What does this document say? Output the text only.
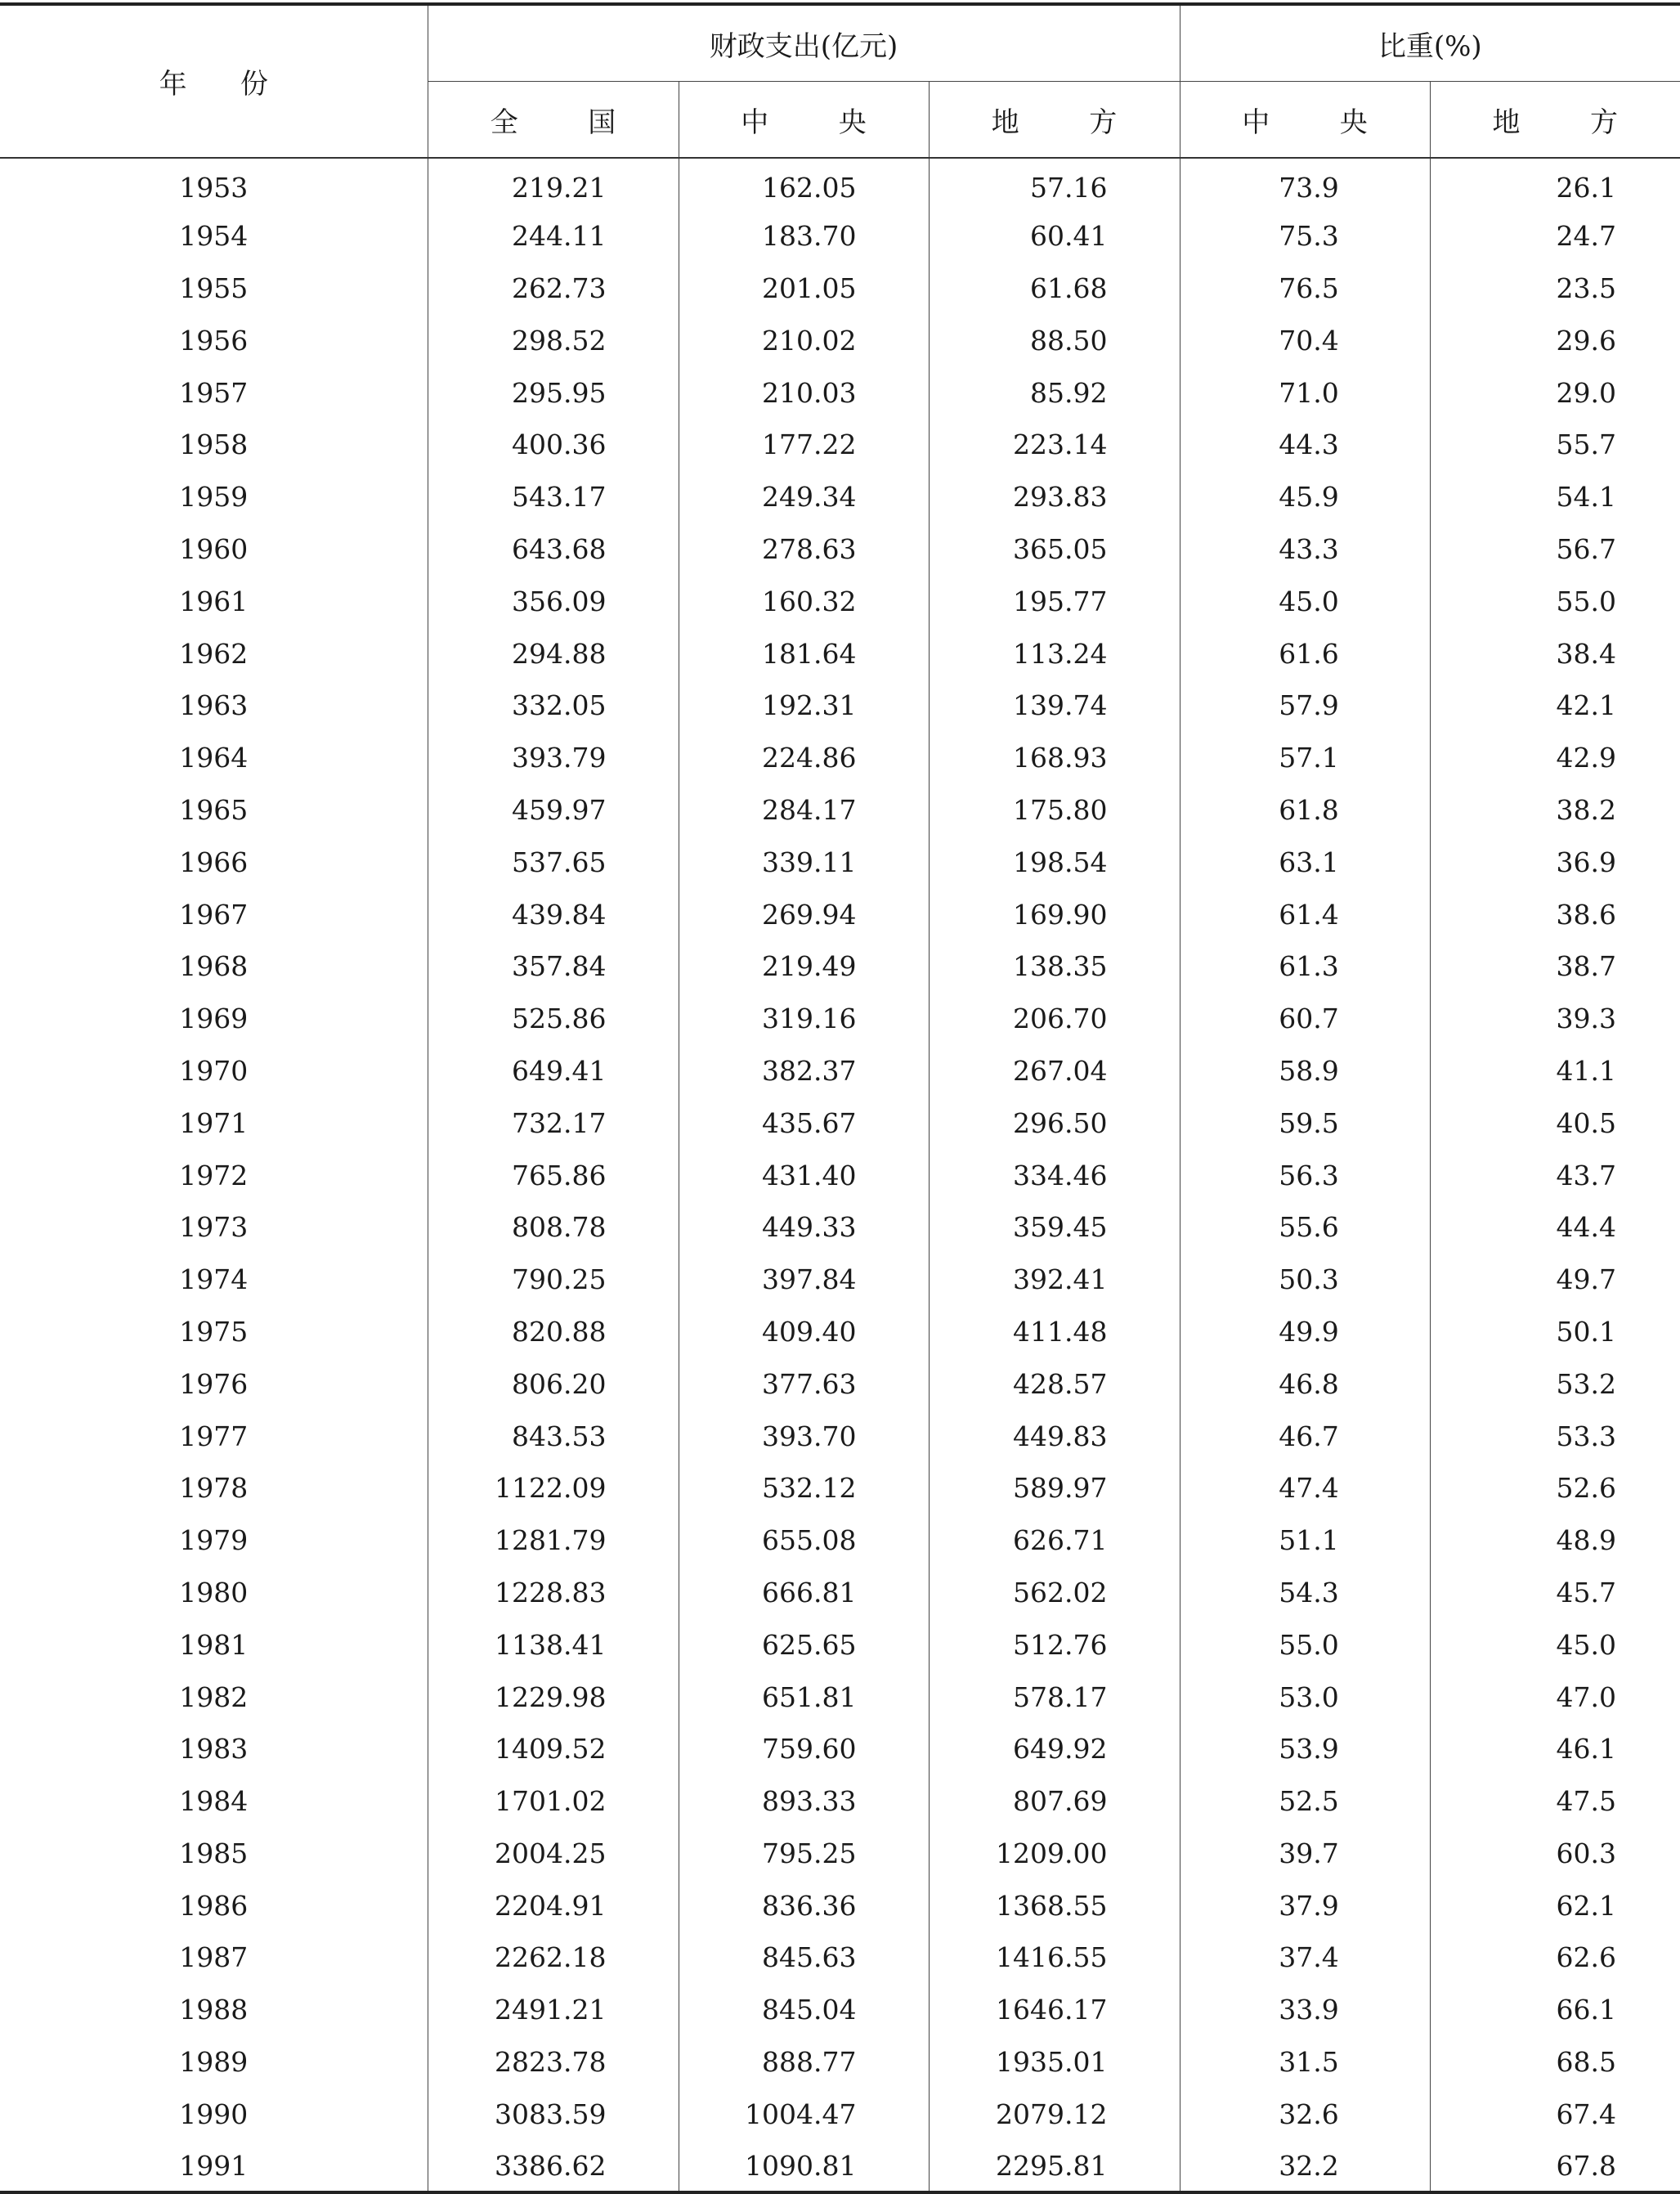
年 份	财政支出(亿元)			比重(%)	
	全 国	中 央	地 方	中 央	地 方
1953	219.21	162.05	57.16	73.9	26.1
1954	244.11	183.70	60.41	75.3	24.7
1955	262.73	201.05	61.68	76.5	23.5
1956	298.52	210.02	88.50	70.4	29.6
1957	295.95	210.03	85.92	71.0	29.0
1958	400.36	177.22	223.14	44.3	55.7
1959	543.17	249.34	293.83	45.9	54.1
1960	643.68	278.63	365.05	43.3	56.7
1961	356.09	160.32	195.77	45.0	55.0
1962	294.88	181.64	113.24	61.6	38.4
1963	332.05	192.31	139.74	57.9	42.1
1964	393.79	224.86	168.93	57.1	42.9
1965	459.97	284.17	175.80	61.8	38.2
1966	537.65	339.11	198.54	63.1	36.9
1967	439.84	269.94	169.90	61.4	38.6
1968	357.84	219.49	138.35	61.3	38.7
1969	525.86	319.16	206.70	60.7	39.3
1970	649.41	382.37	267.04	58.9	41.1
1971	732.17	435.67	296.50	59.5	40.5
1972	765.86	431.40	334.46	56.3	43.7
1973	808.78	449.33	359.45	55.6	44.4
1974	790.25	397.84	392.41	50.3	49.7
1975	820.88	409.40	411.48	49.9	50.1
1976	806.20	377.63	428.57	46.8	53.2
1977	843.53	393.70	449.83	46.7	53.3
1978	1122.09	532.12	589.97	47.4	52.6
1979	1281.79	655.08	626.71	51.1	48.9
1980	1228.83	666.81	562.02	54.3	45.7
1981	1138.41	625.65	512.76	55.0	45.0
1982	1229.98	651.81	578.17	53.0	47.0
1983	1409.52	759.60	649.92	53.9	46.1
1984	1701.02	893.33	807.69	52.5	47.5
1985	2004.25	795.25	1209.00	39.7	60.3
1986	2204.91	836.36	1368.55	37.9	62.1
1987	2262.18	845.63	1416.55	37.4	62.6
1988	2491.21	845.04	1646.17	33.9	66.1
1989	2823.78	888.77	1935.01	31.5	68.5
1990	3083.59	1004.47	2079.12	32.6	67.4
1991	3386.62	1090.81	2295.81	32.2	67.8
